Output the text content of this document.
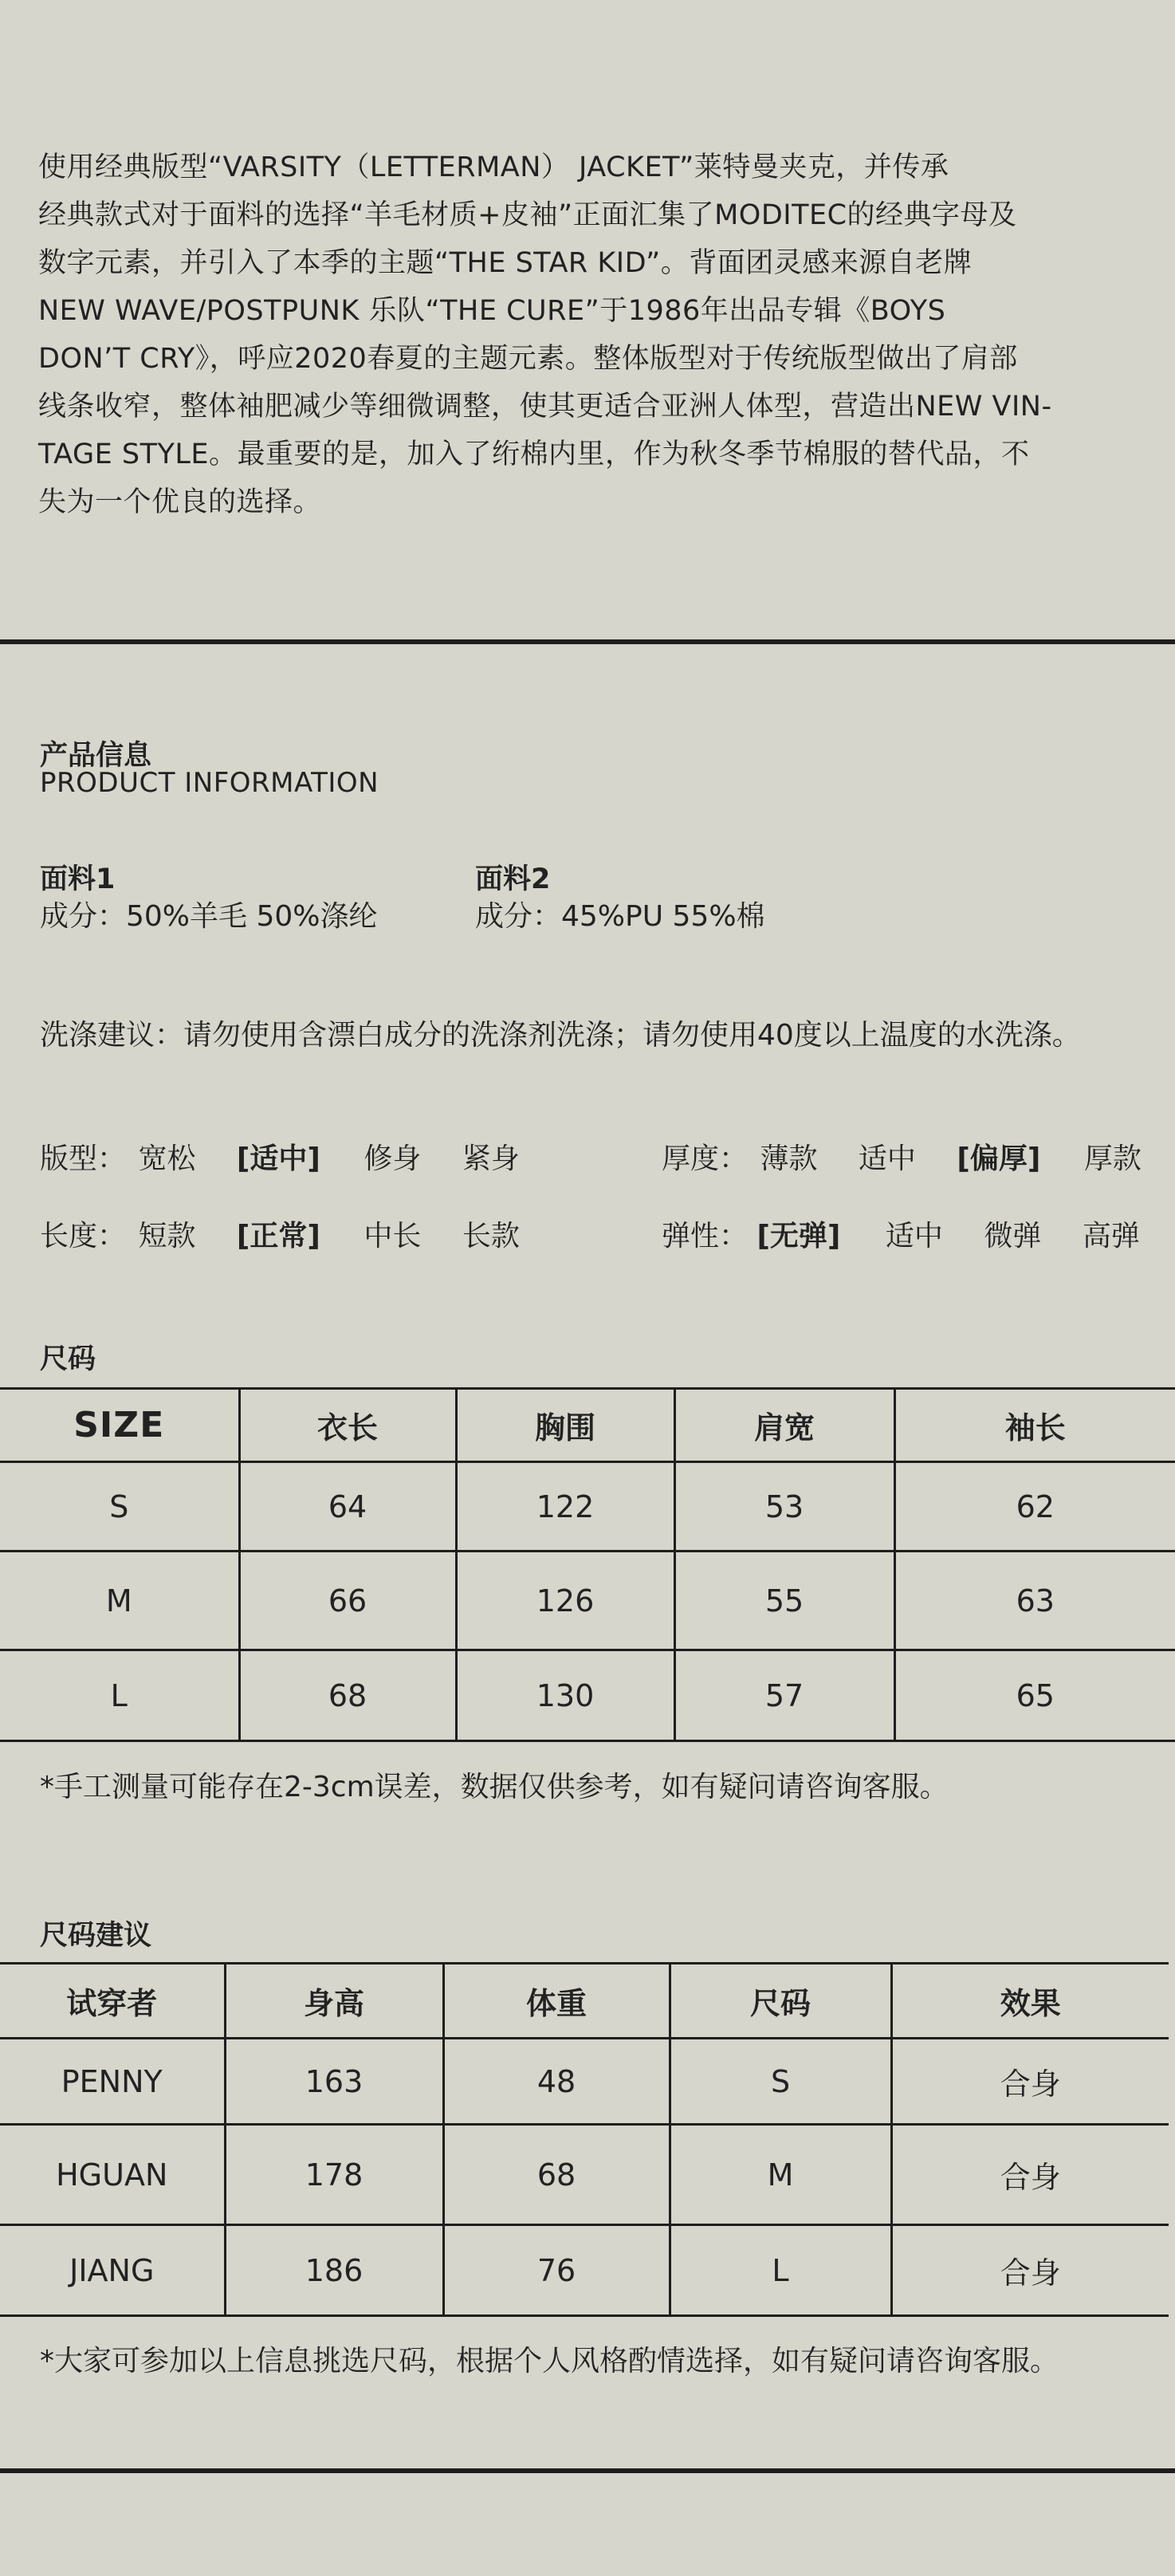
使用经典版型“VARSITY（LETTERMAN） JACKET”莱特曼夹克，并传承

经典款式对于面料的选择“羊毛材质+皮袖”正面汇集了MODITEC的经典字母及

数字元素，并引入了本季的主题“THE STAR KID”。背面团灵感来源自老牌

NEW WAVE/POSTPUNK 乐队“THE CURE”于1986年出品专辑《BOYS

DON’T CRY》，呼应2020春夏的主题元素。整体版型对于传统版型做出了肩部

线条收窄，整体袖肥减少等细微调整，使其更适合亚洲人体型，营造出NEW VIN-

TAGE STYLE。最重要的是，加入了绗棉内里，作为秋冬季节棉服的替代品，不

失为一个优良的选择。

产品信息
PRODUCT INFORMATION
面料1
成分：50%羊毛 50%涤纶
面料2
成分：45%PU 55%棉
洗涤建议：请勿使用含漂白成分的洗涤剂洗涤；请勿使用40度以上温度的水洗涤。
版型： 宽松 [适中] 修身 紧身	厚度： 薄款 适中 [偏厚] 厚款
长度： 短款 [正常] 中长 长款	弹性： [无弹] 适中 微弹 高弹
尺码
SIZE	衣长	胸围	肩宽	袖长
S	64	122	53	62
M	66	126	55	63
L	68	130	57	65
*手工测量可能存在2-3cm误差，数据仅供参考，如有疑问请咨询客服。
尺码建议
试穿者	身高	体重	尺码	效果
PENNY	163	48	S	合身
HGUAN	178	68	M	合身
JIANG	186	76	L	合身
*大家可参加以上信息挑选尺码，根据个人风格酌情选择，如有疑问请咨询客服。
